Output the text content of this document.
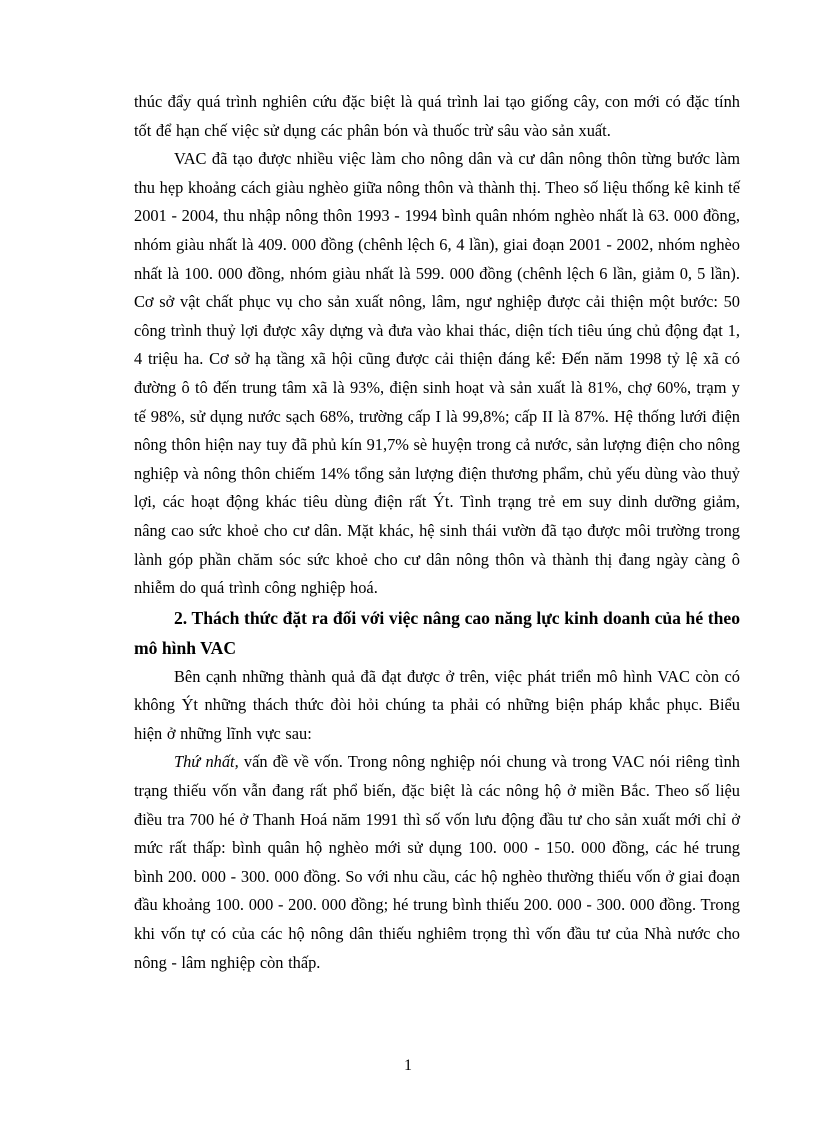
thúc đẩy quá trình nghiên cứu đặc biệt là quá trình lai tạo giống cây, con mới có đặc tính tốt để hạn chế việc sử dụng các phân bón và thuốc trừ sâu vào sản xuất.

VAC đã tạo được nhiều việc làm cho nông dân và cư dân nông thôn từng bước làm thu hẹp khoảng cách giàu nghèo giữa nông thôn và thành thị. Theo số liệu thống kê kinh tế 2001 - 2004, thu nhập nông thôn 1993 - 1994 bình quân nhóm nghèo nhất là 63. 000 đồng, nhóm giàu nhất là 409. 000 đồng (chênh lệch 6, 4 lần), giai đoạn 2001 - 2002, nhóm nghèo nhất là 100. 000 đồng, nhóm giàu nhất là 599. 000 đồng (chênh lệch 6 lần, giảm 0, 5 lần). Cơ sở vật chất phục vụ cho sản xuất nông, lâm, ngư nghiệp được cải thiện một bước: 50 công trình thuỷ lợi được xây dựng và đưa vào khai thác, diện tích tiêu úng chủ động đạt 1, 4 triệu ha. Cơ sở hạ tầng xã hội cũng được cải thiện đáng kể: Đến năm 1998 tỷ lệ xã có đường ô tô đến trung tâm xã là 93%, điện sinh hoạt và sản xuất là 81%, chợ 60%, trạm y tế 98%, sử dụng nước sạch 68%, trường cấp I là 99,8%; cấp II là 87%. Hệ thống lưới điện nông thôn hiện nay tuy đã phủ kín 91,7% sè huyện trong cả nước, sản lượng điện cho nông nghiệp và nông thôn chiếm 14% tổng sản lượng điện thương phẩm, chủ yếu dùng vào thuỷ lợi, các hoạt động khác tiêu dùng điện rất Ýt. Tình trạng trẻ em suy dinh dưỡng giảm, nâng cao sức khoẻ cho cư dân. Mặt khác, hệ sinh thái vườn đã tạo được môi trường trong lành góp phần chăm sóc sức khoẻ cho cư dân nông thôn và thành thị đang ngày càng ô nhiễm do quá trình công nghiệp hoá.

2. Thách thức đặt ra đối với việc nâng cao năng lực kinh doanh của hé theo mô hình VAC

Bên cạnh những thành quả đã đạt được ở trên, việc phát triển mô hình VAC còn có không Ýt những thách thức đòi hỏi chúng ta phải có những biện pháp khắc phục. Biểu hiện ở những lĩnh vực sau:

Thứ nhất, vấn đề về vốn. Trong nông nghiệp nói chung và trong VAC nói riêng tình trạng thiếu vốn vẫn đang rất phổ biến, đặc biệt là các nông hộ ở miền Bắc. Theo số liệu điều tra 700 hé ở Thanh Hoá năm 1991 thì số vốn lưu động đầu tư cho sản xuất mới chỉ ở mức rất thấp: bình quân hộ nghèo mới sử dụng 100. 000 - 150. 000 đồng, các hé trung bình 200. 000 - 300. 000 đồng. So với nhu cầu, các hộ nghèo thường thiếu vốn ở giai đoạn đầu khoảng 100. 000 - 200. 000 đồng; hé trung bình thiếu 200. 000 - 300. 000 đồng. Trong khi vốn tự có của các hộ nông dân thiếu nghiêm trọng thì vốn đầu tư của Nhà nước cho nông - lâm nghiệp còn thấp.

1
